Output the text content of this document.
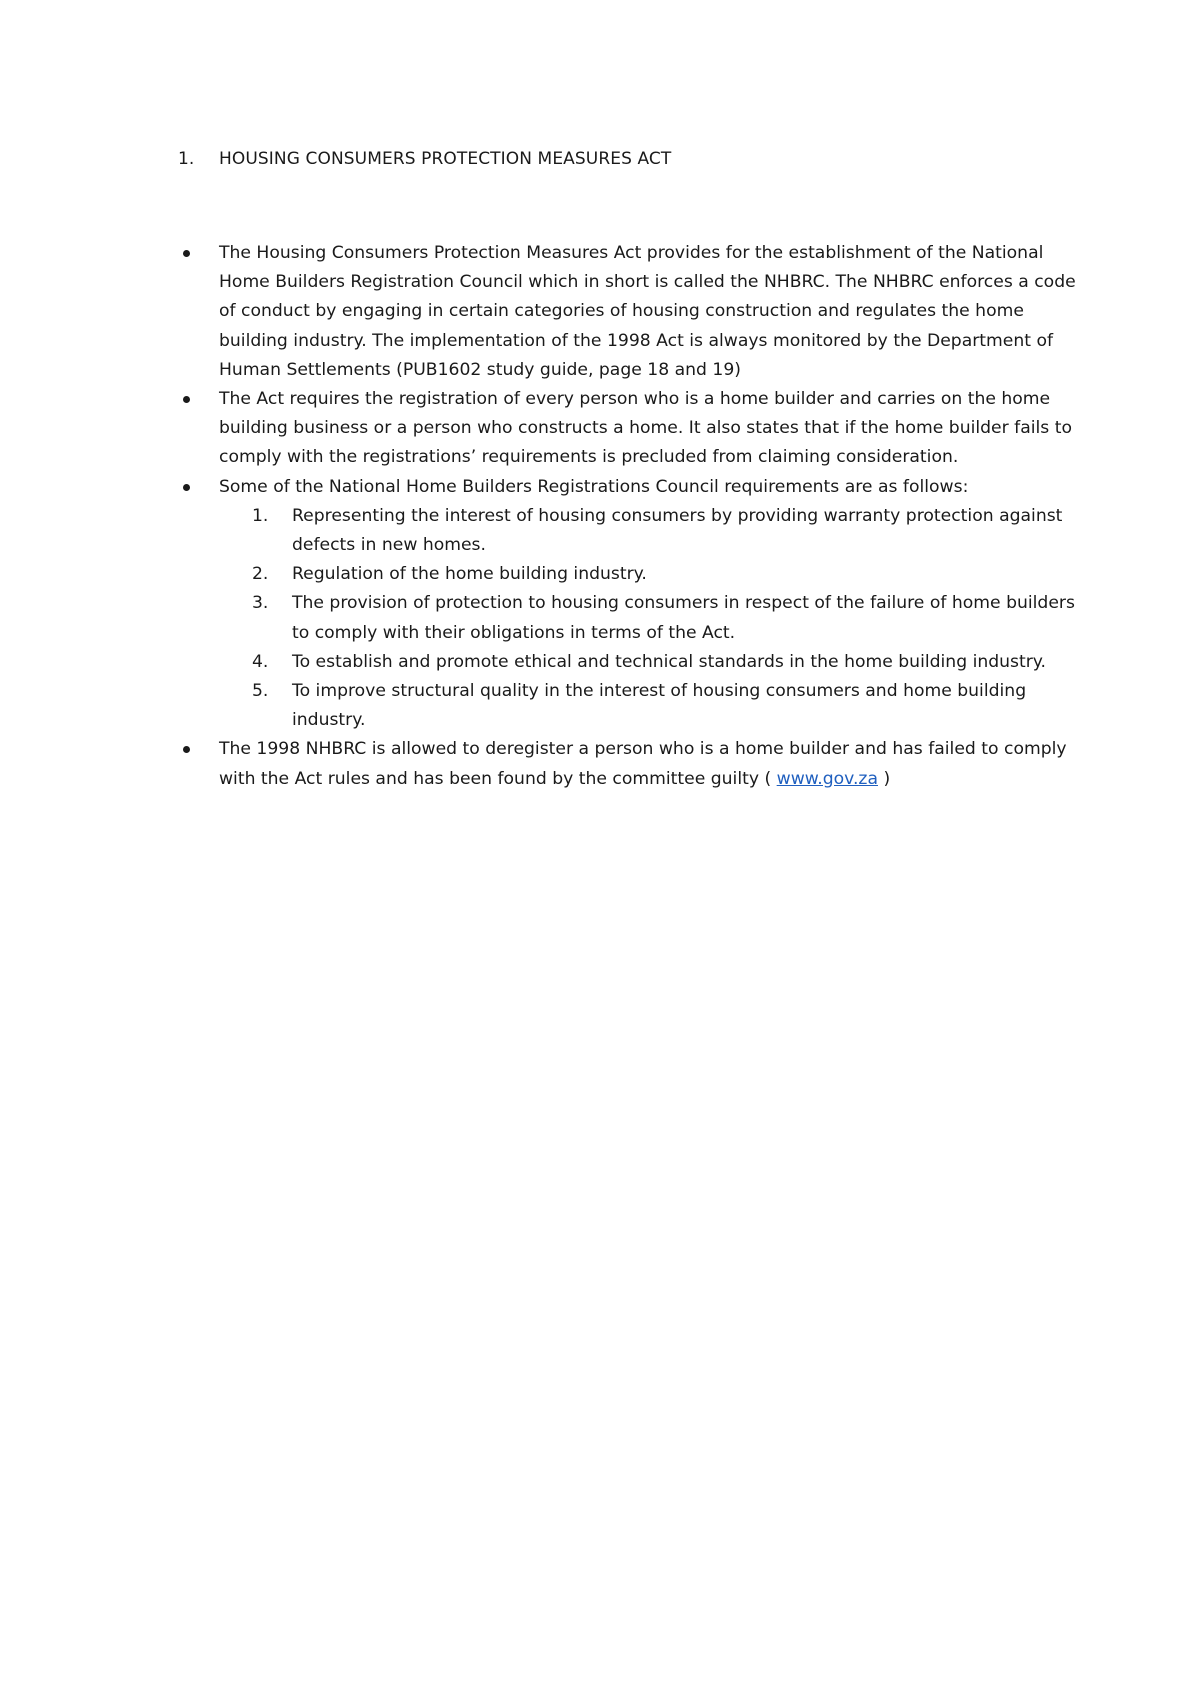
1. HOUSING CONSUMERS PROTECTION MEASURES ACT
The Housing Consumers Protection Measures Act provides for the establishment of the National Home Builders Registration Council which in short is called the NHBRC. The NHBRC enforces a code of conduct by engaging in certain categories of housing construction and regulates the home building industry. The implementation of the 1998 Act is always monitored by the Department of Human Settlements (PUB1602 study guide, page 18 and 19)
The Act requires the registration of every person who is a home builder and carries on the home building business or a person who constructs a home. It also states that if the home builder fails to comply with the registrations’ requirements is precluded from claiming consideration.
Some of the National Home Builders Registrations Council requirements are as follows:
1. Representing the interest of housing consumers by providing warranty protection against defects in new homes.
2. Regulation of the home building industry.
3. The provision of protection to housing consumers in respect of the failure of home builders to comply with their obligations in terms of the Act.
4. To establish and promote ethical and technical standards in the home building industry.
5. To improve structural quality in the interest of housing consumers and home building industry.
The 1998 NHBRC is allowed to deregister a person who is a home builder and has failed to comply with the Act rules and has been found by the committee guilty ( www.gov.za )
